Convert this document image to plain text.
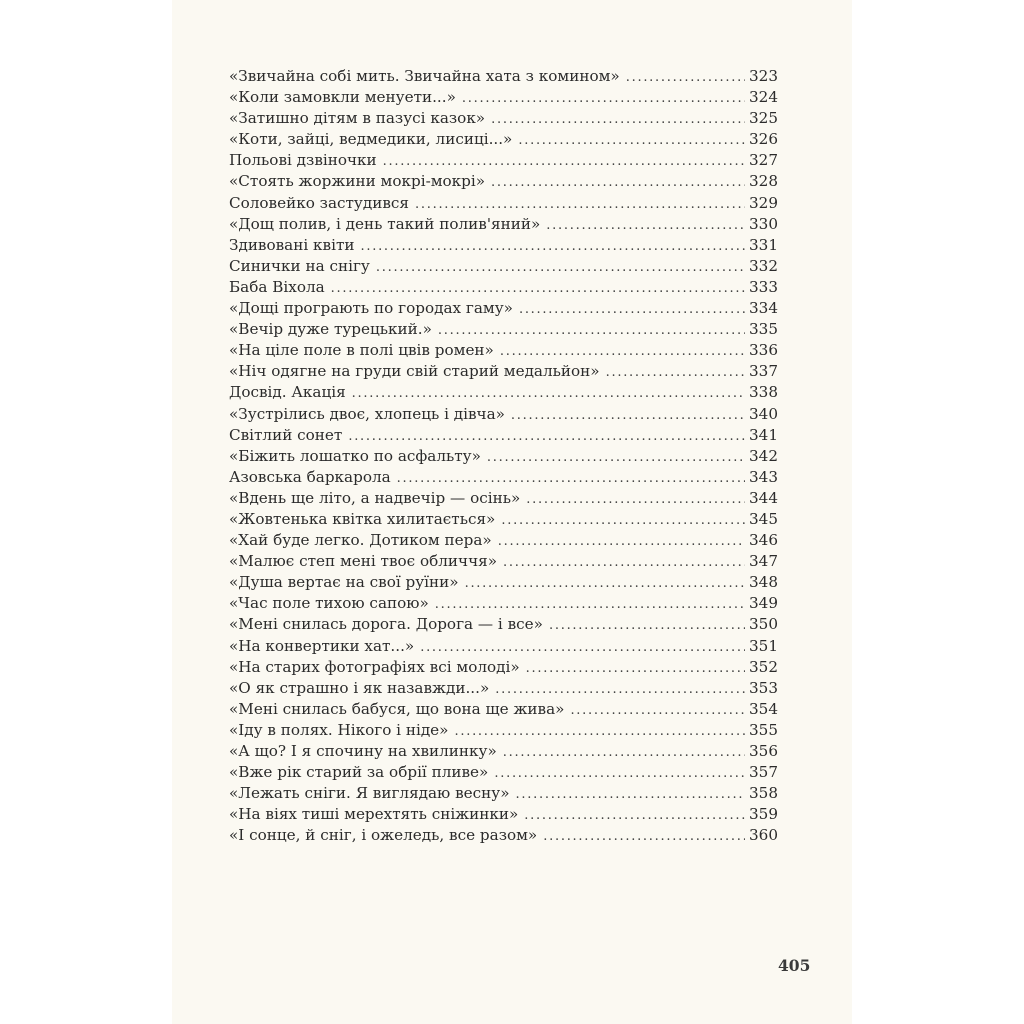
«Звичайна собі мить. Звичайна хата з комином» . . .	323
«Коли замовкли менуети...» . . .	324
«Затишно дітям в пазусі казок» . . .	325
«Коти, зайці, ведмедики, лисиці...» . . .	326
Польові дзвіночки . . .	327
«Стоять жоржини мокрі-мокрі» . . .	328
Соловейко застудився . . .	329
«Дощ полив, і день такий полив'яний» . . .	330
Здивовані квіти . . .	331
Синички на снігу . . .	332
Баба Віхола . . .	333
«Дощі програють по городах гаму» . . .	334
«Вечір дуже турецький.» . . .	335
«На ціле поле в полі цвів ромен» . . .	336
«Ніч одягне на груди свій старий медальйон» . . .	337
Досвід. Акація . . .	338
«Зустрілись двоє, хлопець і дівча» . . .	340
Світлий сонет . . .	341
«Біжить лошатко по асфальту» . . .	342
Азовська баркарола . . .	343
«Вдень ще літо, а надвечір — осінь» . . .	344
«Жовтенька квітка хилитається» . . .	345
«Хай буде легко. Дотиком пера» . . .	346
«Малює степ мені твоє обличчя» . . .	347
«Душа вертає на свої руїни» . . .	348
«Час поле тихою сапою» . . .	349
«Мені снилась дорога. Дорога — і все» . . .	350
«На конвертики хат...» . . .	351
«На старих фотографіях всі молоді» . . .	352
«О як страшно і як назавжди...» . . .	353
«Мені снилась бабуся, що вона ще жива» . . .	354
«Іду в полях. Нікого і ніде» . . .	355
«А що? І я спочину на хвилинку» . . .	356
«Вже рік старий за обрії пливе» . . .	357
«Лежать сніги. Я виглядаю весну» . . .	358
«На віях тиші мерехтять сніжинки» . . .	359
«І сонце, й сніг, і ожеледь, все разом» . . .	360
405
